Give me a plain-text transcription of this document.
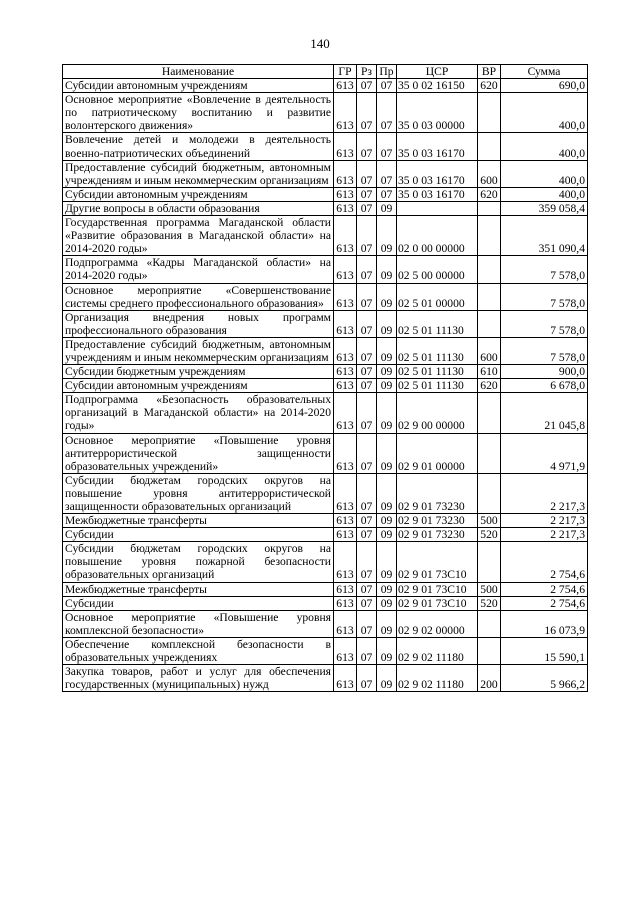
140
Наименование	ГР	Рз	Пр	ЦСР	ВР	Сумма
Субсидии автономным учреждениям	613	07	07	35 0 02 16150	620	690,0
Основное мероприятие «Вовлечение в деятельность по патриотическому воспитанию и развитие волонтерского движения»	613	07	07	35 0 03 00000		400,0
Вовлечение детей и молодежи в деятельность военно-патриотических объединений	613	07	07	35 0 03 16170		400,0
Предоставление субсидий бюджетным, автономным учреждениям и иным некоммерческим организациям	613	07	07	35 0 03 16170	600	400,0
Субсидии автономным учреждениям	613	07	07	35 0 03 16170	620	400,0
Другие вопросы в области образования	613	07	09			359 058,4
Государственная программа Магаданской области «Развитие образования в Магаданской области» на 2014-2020 годы»	613	07	09	02 0 00 00000		351 090,4
Подпрограмма «Кадры Магаданской области» на 2014-2020 годы»	613	07	09	02 5 00 00000		7 578,0
Основное мероприятие «Совершенствование системы среднего профессионального образования»	613	07	09	02 5 01 00000		7 578,0
Организация внедрения новых программ профессионального образования	613	07	09	02 5 01 11130		7 578,0
Предоставление субсидий бюджетным, автономным учреждениям и иным некоммерческим организациям	613	07	09	02 5 01 11130	600	7 578,0
Субсидии бюджетным учреждениям	613	07	09	02 5 01 11130	610	900,0
Субсидии автономным учреждениям	613	07	09	02 5 01 11130	620	6 678,0
Подпрограмма «Безопасность образовательных организаций в Магаданской области» на 2014-2020 годы»	613	07	09	02 9 00 00000		21 045,8
Основное мероприятие «Повышение уровня антитеррористической защищенности образовательных учреждений»	613	07	09	02 9 01 00000		4 971,9
Субсидии бюджетам городских округов на повышение уровня антитеррористической защищенности образовательных организаций	613	07	09	02 9 01 73230		2 217,3
Межбюджетные трансферты	613	07	09	02 9 01 73230	500	2 217,3
Субсидии	613	07	09	02 9 01 73230	520	2 217,3
Субсидии бюджетам городских округов на повышение уровня пожарной безопасности образовательных организаций	613	07	09	02 9 01 73С10		2 754,6
Межбюджетные трансферты	613	07	09	02 9 01 73С10	500	2 754,6
Субсидии	613	07	09	02 9 01 73С10	520	2 754,6
Основное мероприятие «Повышение уровня комплексной безопасности»	613	07	09	02 9 02 00000		16 073,9
Обеспечение комплексной безопасности в образовательных учреждениях	613	07	09	02 9 02 11180		15 590,1
Закупка товаров, работ и услуг для обеспечения государственных (муниципальных) нужд	613	07	09	02 9 02 11180	200	5 966,2
